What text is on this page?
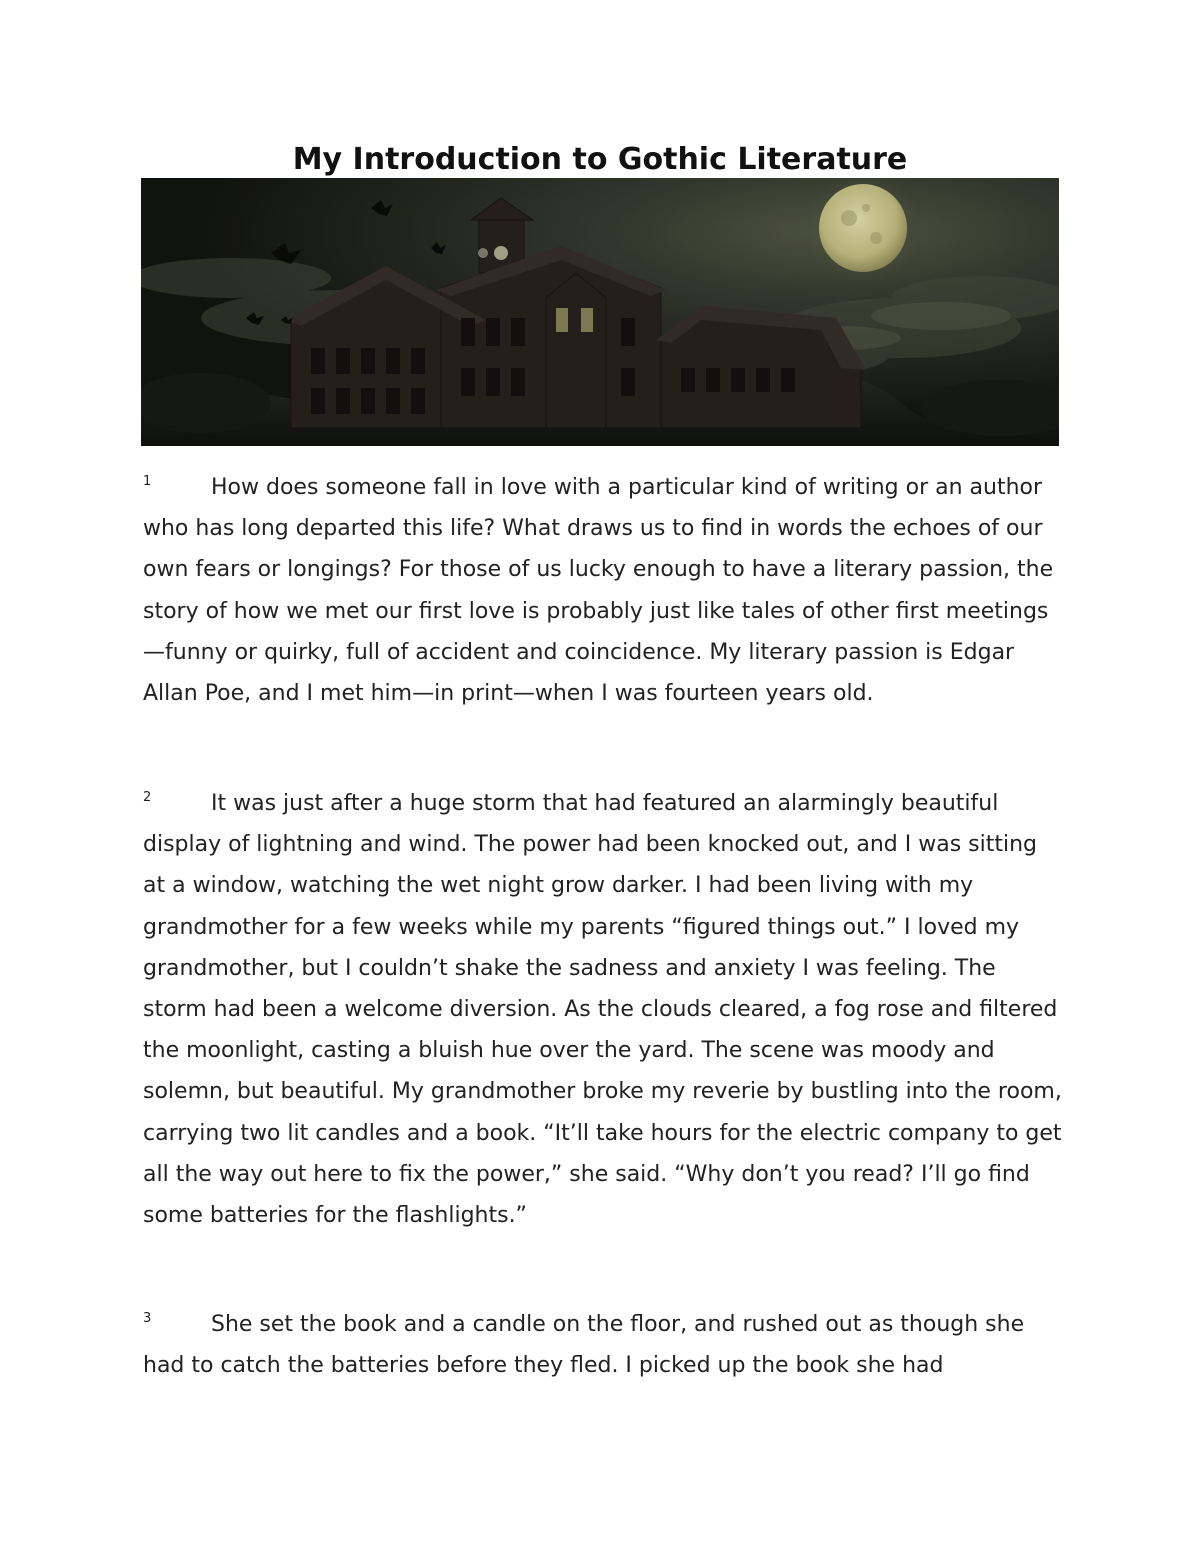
My Introduction to Gothic Literature

1	How does someone fall in love with a particular kind of writing or an author who has long departed this life? What draws us to find in words the echoes of our own fears or longings? For those of us lucky enough to have a literary passion, the story of how we met our first love is probably just like tales of other first meetings—funny or quirky, full of accident and coincidence. My literary passion is Edgar Allan Poe, and I met him—in print—when I was fourteen years old.

2	It was just after a huge storm that had featured an alarmingly beautiful display of lightning and wind. The power had been knocked out, and I was sitting at a window, watching the wet night grow darker. I had been living with my grandmother for a few weeks while my parents “figured things out.” I loved my grandmother, but I couldn’t shake the sadness and anxiety I was feeling. The storm had been a welcome diversion. As the clouds cleared, a fog rose and filtered the moonlight, casting a bluish hue over the yard. The scene was moody and solemn, but beautiful. My grandmother broke my reverie by bustling into the room, carrying two lit candles and a book. “It’ll take hours for the electric company to get all the way out here to fix the power,” she said. “Why don’t you read? I’ll go find some batteries for the flashlights.”

3	She set the book and a candle on the floor, and rushed out as though she had to catch the batteries before they fled. I picked up the book she had
